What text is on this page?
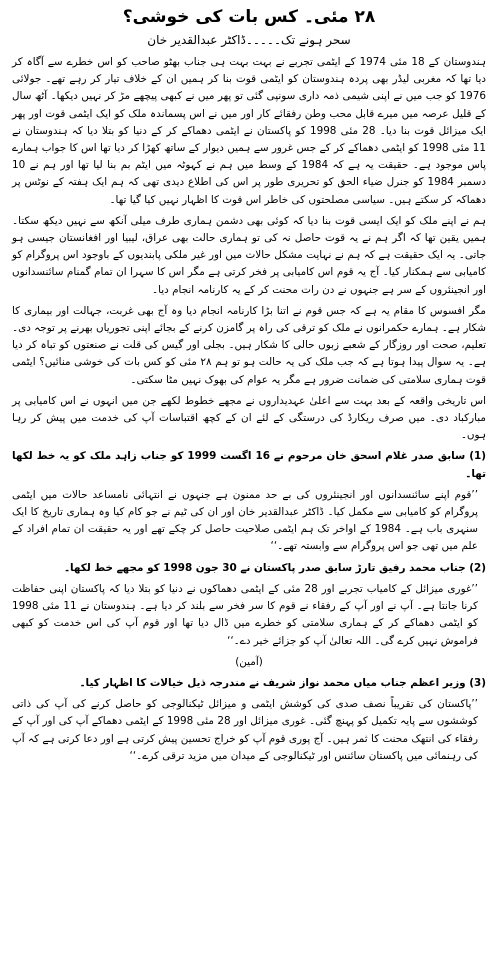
۲۸ مئی۔ کس بات کی خوشی؟
سحر ہونے تک۔۔۔۔۔ڈاکٹر عبدالقدیر خان

ہندوستان کے 18 مئی 1974 کے ایٹمی تجربے نے بہت بہت ہی جناب بھٹو صاحب کو اس خطرے سے آگاہ کر دیا تھا کہ مغربی لیڈر بھی پردہ ہندوستان کو ایٹمی قوت بنا کر ہمیں ان کے خلاف تیار کر رہے تھے۔ جولائی 1976 کو جب میں نے اپنی شیمی ذمہ داری سونپی گئی تو پھر میں نے کبھی پیچھے مڑ کر نہیں دیکھا۔ آٹھ سال کے قلیل عرصہ میں میرے قابل محب وطن رفقائے کار اور میں نے اس پسماندہ ملک کو ایک ایٹمی قوت اور پھر ایک میزائل قوت بنا دیا۔ 28 مئی 1998 کو پاکستان نے ایٹمی دھماکے کر کے دنیا کو بتلا دیا کہ ہندوستان نے 11 مئی 1998 کو ایٹمی دھماکے کر کے جس غرور سے ہمیں دیوار کے ساتھ کھڑا کر دیا تھا اس کا جواب ہمارے پاس موجود ہے۔ حقیقت یہ ہے کہ 1984 کے وسط میں ہم نے کہوٹہ میں ایٹم بم بنا لیا تھا اور ہم نے 10 دسمبر 1984 کو جنرل ضیاء الحق کو تحریری طور پر اس کی اطلاع دیدی تھی کہ ہم ایک ہفتہ کے نوٹس پر دھماکہ کر سکتے ہیں۔ سیاسی مصلحتوں کی خاطر اس قوت کا اظہار نہیں کیا گیا تھا۔

ہم نے اپنے ملک کو ایک ایسی قوت بنا دیا کہ کوئی بھی دشمن ہماری طرف میلی آنکھ سے نہیں دیکھ سکتا۔ ہمیں یقین تھا کہ اگر ہم نے یہ قوت حاصل نہ کی تو ہماری حالت بھی عراق، لیبیا اور افغانستان جیسی ہو جاتی۔ یہ ایک حقیقت ہے کہ ہم نے نہایت مشکل حالات میں اور غیر ملکی پابندیوں کے باوجود اس پروگرام کو کامیابی سے ہمکنار کیا۔ آج یہ قوم اس کامیابی پر فخر کرتی ہے مگر اس کا سہرا ان تمام گمنام سائنسدانوں اور انجینئروں کے سر ہے جنہوں نے دن رات محنت کر کے یہ کارنامہ انجام دیا۔

مگر افسوس کا مقام یہ ہے کہ جس قوم نے اتنا بڑا کارنامہ انجام دیا وہ آج بھی غربت، جہالت اور بیماری کا شکار ہے۔ ہمارے حکمرانوں نے ملک کو ترقی کی راہ پر گامزن کرنے کے بجائے اپنی تجوریاں بھرنے پر توجہ دی۔ تعلیم، صحت اور روزگار کے شعبے زبوں حالی کا شکار ہیں۔ بجلی اور گیس کی قلت نے صنعتوں کو تباہ کر دیا ہے۔ یہ سوال پیدا ہوتا ہے کہ جب ملک کی یہ حالت ہو تو ہم ۲۸ مئی کو کس بات کی خوشی منائیں؟ ایٹمی قوت ہماری سلامتی کی ضمانت ضرور ہے مگر یہ عوام کی بھوک نہیں مٹا سکتی۔

اس تاریخی واقعہ کے بعد بہت سے اعلیٰ عہدیداروں نے مجھے خطوط لکھے جن میں انہوں نے اس کامیابی پر مبارکباد دی۔ میں صرف ریکارڈ کی درستگی کے لئے ان کے کچھ اقتباسات آپ کی خدمت میں پیش کر رہا ہوں۔

(1) سابق صدر غلام اسحق خان مرحوم نے 16 اگست 1999 کو جناب زاہد ملک کو یہ خط لکھا تھا۔

’’قوم اپنے سائنسدانوں اور انجینئروں کی بے حد ممنون ہے جنہوں نے انتہائی نامساعد حالات میں ایٹمی پروگرام کو کامیابی سے مکمل کیا۔ ڈاکٹر عبدالقدیر خان اور ان کی ٹیم نے جو کام کیا وہ ہماری تاریخ کا ایک سنہری باب ہے۔ 1984 کے اواخر تک ہم ایٹمی صلاحیت حاصل کر چکے تھے اور یہ حقیقت ان تمام افراد کے علم میں تھی جو اس پروگرام سے وابستہ تھے۔‘‘

(2) جناب محمد رفیق تارڑ سابق صدر پاکستان نے 30 جون 1998 کو مجھے خط لکھا۔

’’غوری میزائل کے کامیاب تجربے اور 28 مئی کے ایٹمی دھماکوں نے دنیا کو بتلا دیا کہ پاکستان اپنی حفاظت کرنا جانتا ہے۔ آپ نے اور آپ کے رفقاء نے قوم کا سر فخر سے بلند کر دیا ہے۔ ہندوستان نے 11 مئی 1998 کو ایٹمی دھماکے کر کے ہماری سلامتی کو خطرے میں ڈال دیا تھا اور قوم آپ کی اس خدمت کو کبھی فراموش نہیں کرے گی۔ اللہ تعالیٰ آپ کو جزائے خیر دے۔‘‘

(آمین)

(3) وزیر اعظم جناب میاں محمد نواز شریف نے مندرجہ ذیل خیالات کا اظہار کیا۔

’’پاکستان کی تقریباً نصف صدی کی کوشش ایٹمی و میزائل ٹیکنالوجی کو حاصل کرنے کی آپ کی ذاتی کوششوں سے پایہ تکمیل کو پہنچ گئی۔ غوری میزائل اور 28 مئی 1998 کے ایٹمی دھماکے آپ کی اور آپ کے رفقاء کی انتھک محنت کا ثمر ہیں۔ آج پوری قوم آپ کو خراج تحسین پیش کرتی ہے اور دعا کرتی ہے کہ آپ کی رہنمائی میں پاکستان سائنس اور ٹیکنالوجی کے میدان میں مزید ترقی کرے۔‘‘
